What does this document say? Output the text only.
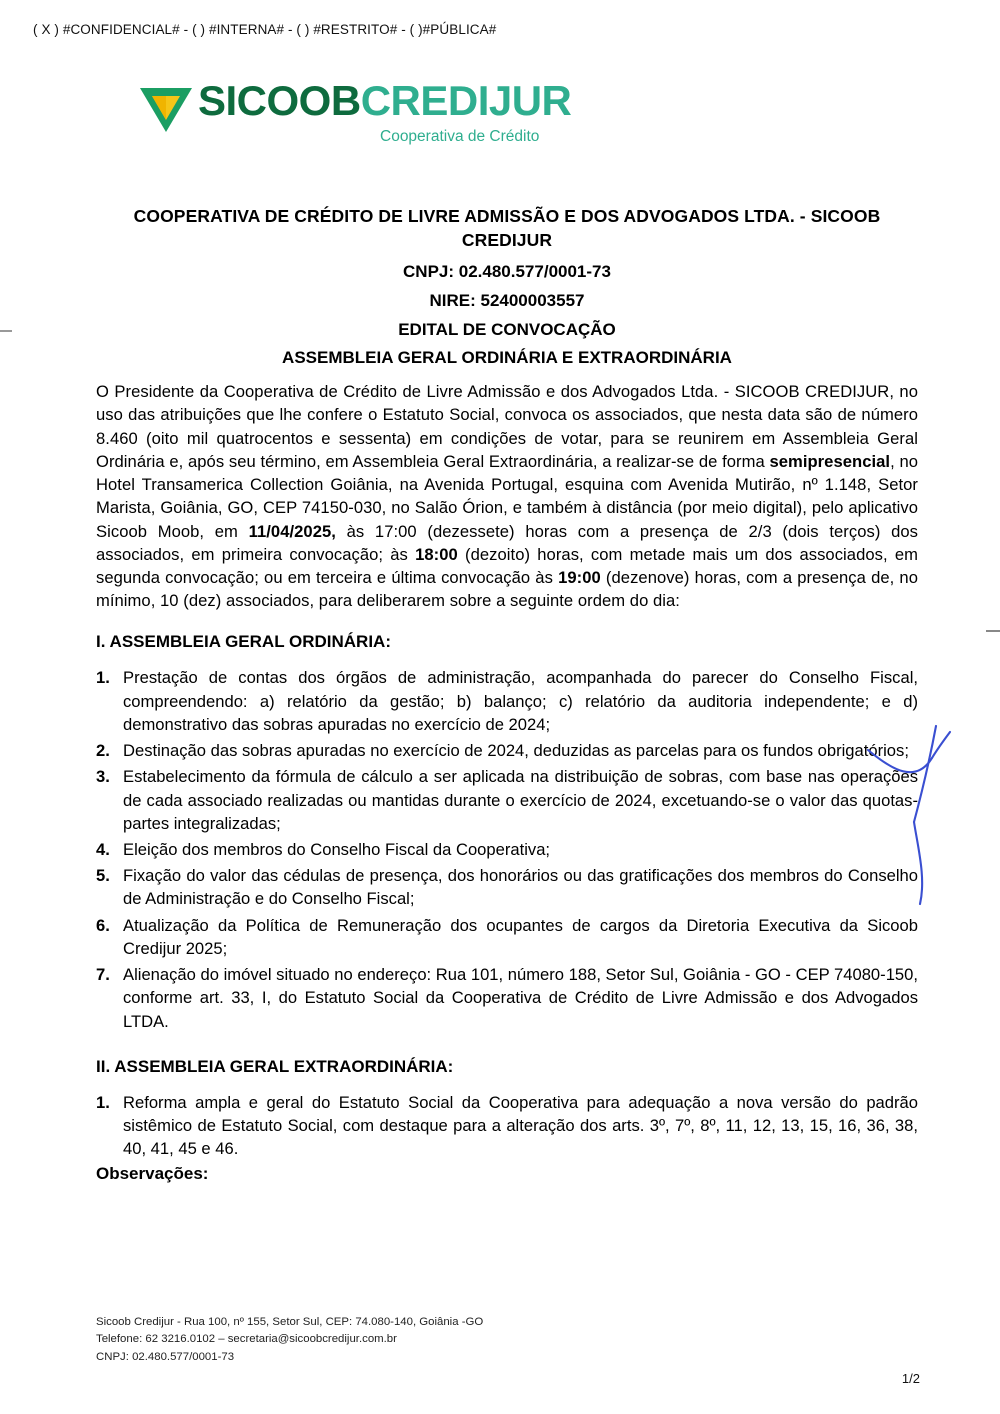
( X ) #CONFIDENCIAL# - ( ) #INTERNA# - ( ) #RESTRITO# - ( )#PÚBLICA#
SICOOBCREDIJUR
Cooperativa de Crédito
COOPERATIVA DE CRÉDITO DE LIVRE ADMISSÃO E DOS ADVOGADOS LTDA. - SICOOB CREDIJUR
CNPJ: 02.480.577/0001-73
NIRE: 52400003557
EDITAL DE CONVOCAÇÃO
ASSEMBLEIA GERAL ORDINÁRIA E EXTRAORDINÁRIA

O Presidente da Cooperativa de Crédito de Livre Admissão e dos Advogados Ltda. - SICOOB CREDIJUR, no uso das atribuições que lhe confere o Estatuto Social, convoca os associados, que nesta data são de número 8.460 (oito mil quatrocentos e sessenta) em condições de votar, para se reunirem em Assembleia Geral Ordinária e, após seu término, em Assembleia Geral Extraordinária, a realizar-se de forma semipresencial, no Hotel Transamerica Collection Goiânia, na Avenida Portugal, esquina com Avenida Mutirão, nº 1.148, Setor Marista, Goiânia, GO, CEP 74150-030, no Salão Órion, e também à distância (por meio digital), pelo aplicativo Sicoob Moob, em 11/04/2025, às 17:00 (dezessete) horas com a presença de 2/3 (dois terços) dos associados, em primeira convocação; às 18:00 (dezoito) horas, com metade mais um dos associados, em segunda convocação; ou em terceira e última convocação às 19:00 (dezenove) horas, com a presença de, no mínimo, 10 (dez) associados, para deliberarem sobre a seguinte ordem do dia:

I. ASSEMBLEIA GERAL ORDINÁRIA:
Prestação de contas dos órgãos de administração, acompanhada do parecer do Conselho Fiscal, compreendendo: a) relatório da gestão; b) balanço; c) relatório da auditoria independente; e d) demonstrativo das sobras apuradas no exercício de 2024;
Destinação das sobras apuradas no exercício de 2024, deduzidas as parcelas para os fundos obrigatórios;
Estabelecimento da fórmula de cálculo a ser aplicada na distribuição de sobras, com base nas operações de cada associado realizadas ou mantidas durante o exercício de 2024, excetuando-se o valor das quotas-partes integralizadas;
Eleição dos membros do Conselho Fiscal da Cooperativa;
Fixação do valor das cédulas de presença, dos honorários ou das gratificações dos membros do Conselho de Administração e do Conselho Fiscal;
Atualização da Política de Remuneração dos ocupantes de cargos da Diretoria Executiva da Sicoob Credijur 2025;
Alienação do imóvel situado no endereço: Rua 101, número 188, Setor Sul, Goiânia - GO - CEP 74080-150, conforme art. 33, I, do Estatuto Social da Cooperativa de Crédito de Livre Admissão e dos Advogados LTDA.
II. ASSEMBLEIA GERAL EXTRAORDINÁRIA:
Reforma ampla e geral do Estatuto Social da Cooperativa para adequação a nova versão do padrão sistêmico de Estatuto Social, com destaque para a alteração dos arts. 3º, 7º, 8º, 11, 12, 13, 15, 16, 36, 38, 40, 41, 45 e 46.
Observações:
Sicoob Credijur - Rua 100, nº 155, Setor Sul, CEP: 74.080-140, Goiânia -GO
Telefone: 62 3216.0102 – secretaria@sicoobcredijur.com.br
CNPJ: 02.480.577/0001-73
1/2
